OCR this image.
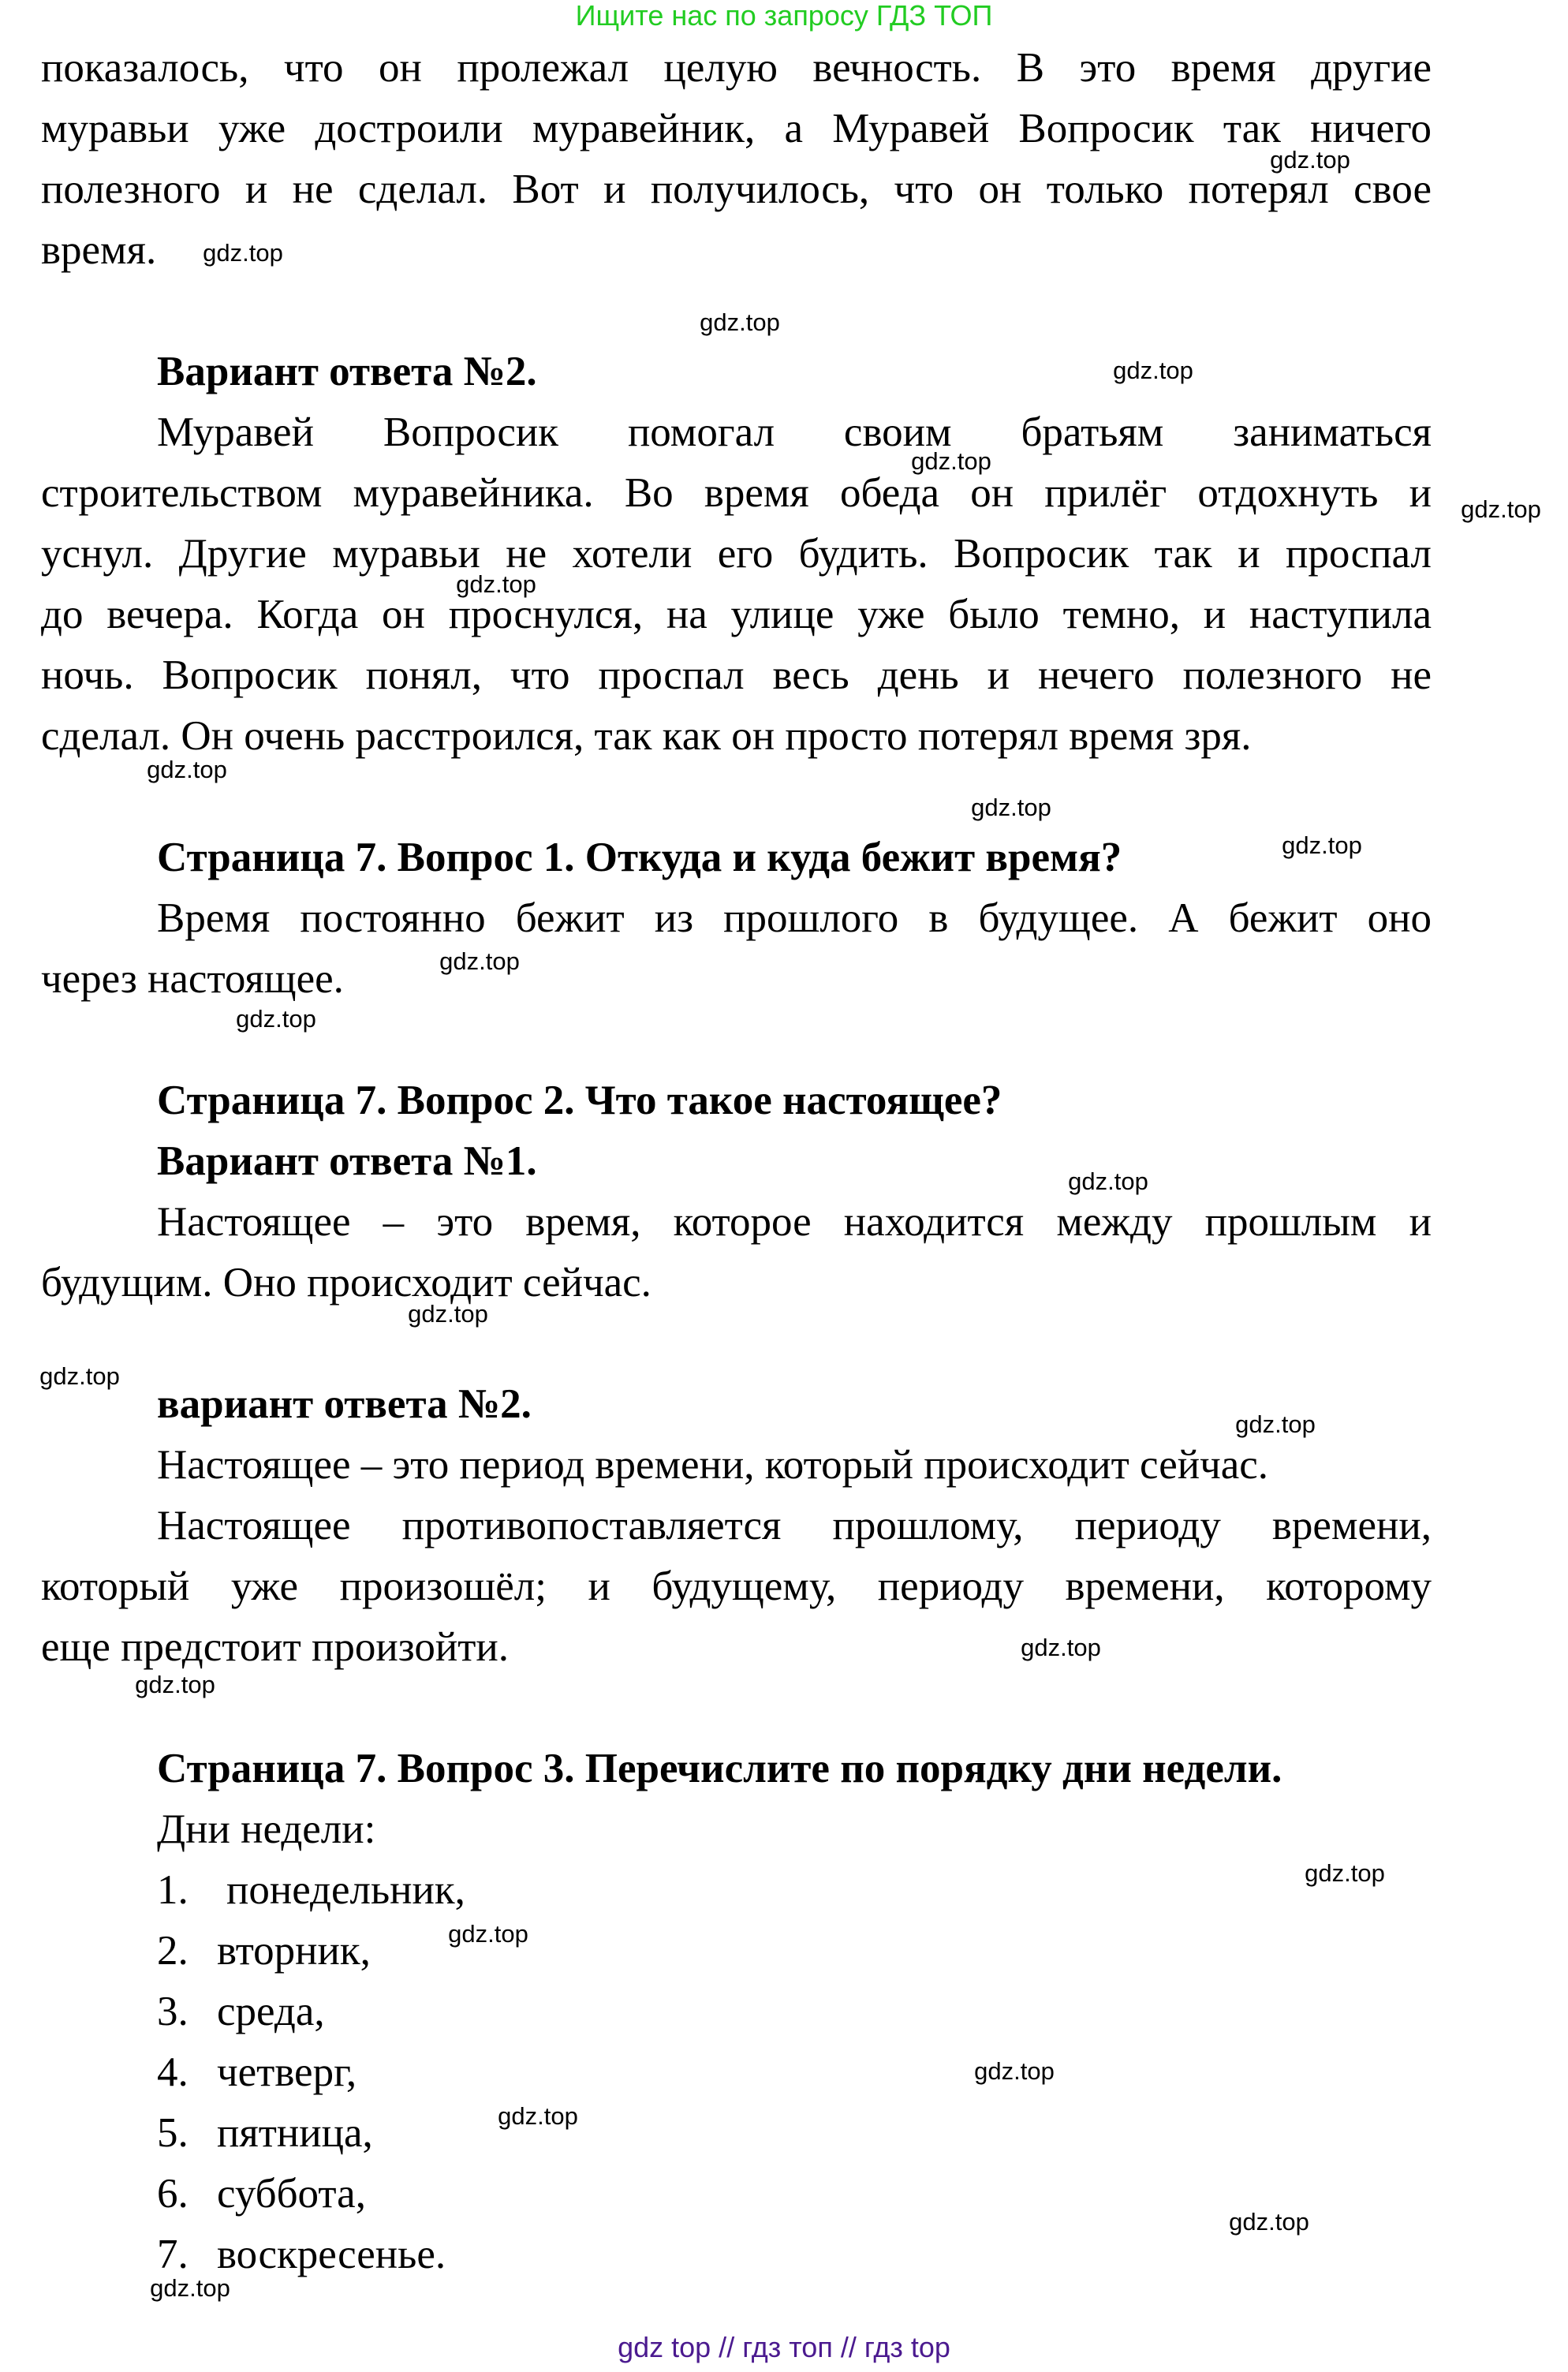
Ищите нас по запросу ГДЗ ТОП
показалось, что он пролежал целую вечность. В это время другие
муравьи уже достроили муравейник, а Муравей Вопросик так ничего
полезного и не сделал. Вот и получилось, что он только потерял свое
время.
Вариант ответа №2.
Муравей Вопросик помогал своим братьям заниматься
строительством муравейника. Во время обеда он прилёг отдохнуть и
уснул. Другие муравьи не хотели его будить. Вопросик так и проспал
до вечера. Когда он проснулся, на улице уже было темно, и наступила
ночь. Вопросик понял, что проспал весь день и нечего полезного не
сделал. Он очень расстроился, так как он просто потерял время зря.
Страница 7. Вопрос 1. Откуда и куда бежит время?
Время постоянно бежит из прошлого в будущее. А бежит оно
через настоящее.
Страница 7. Вопрос 2. Что такое настоящее?
Вариант ответа №1.
Настоящее – это время, которое находится между прошлым и
будущим. Оно происходит сейчас.
вариант ответа №2.
Настоящее – это период времени, который происходит сейчас.
Настоящее противопоставляется прошлому, периоду времени,
который уже произошёл; и будущему, периоду времени, которому
еще предстоит произойти.
Страница 7. Вопрос 3. Перечислите по порядку дни недели.
Дни недели:
1. понедельник,
2. вторник,
3. среда,
4. четверг,
5. пятница,
6. суббота,
7. воскресенье.
gdz.top
gdz.top
gdz.top
gdz.top
gdz.top
gdz.top
gdz.top
gdz.top
gdz.top
gdz.top
gdz.top
gdz.top
gdz.top
gdz.top
gdz.top
gdz.top
gdz.top
gdz.top
gdz.top
gdz.top
gdz.top
gdz.top
gdz.top
gdz.top
gdz top // гдз топ // гдз top
